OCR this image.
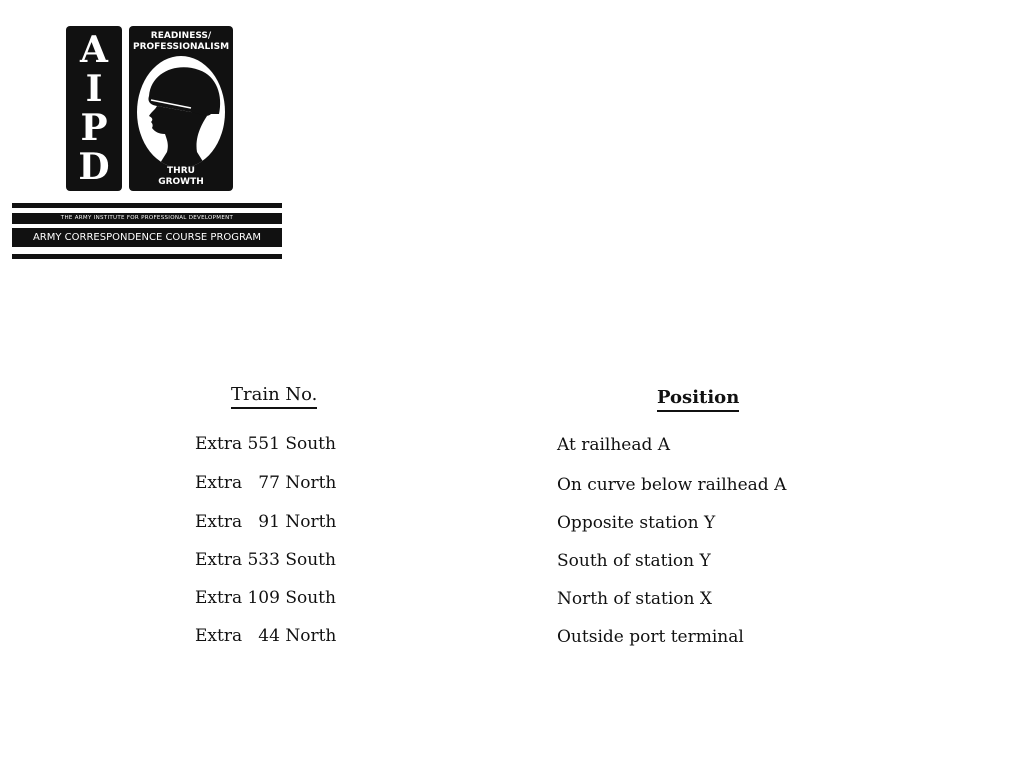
A
I
P
D
READINESS/
PROFESSIONALISM
THRU
GROWTH
THE ARMY INSTITUTE FOR PROFESSIONAL DEVELOPMENT
ARMY CORRESPONDENCE COURSE PROGRAM
Train No.	Position
Extra 551 South	At railhead A
Extra   77 North	On curve below railhead A
Extra   91 North	Opposite station Y
Extra 533 South	South of station Y
Extra 109 South	North of station X
Extra   44 North	Outside port terminal
